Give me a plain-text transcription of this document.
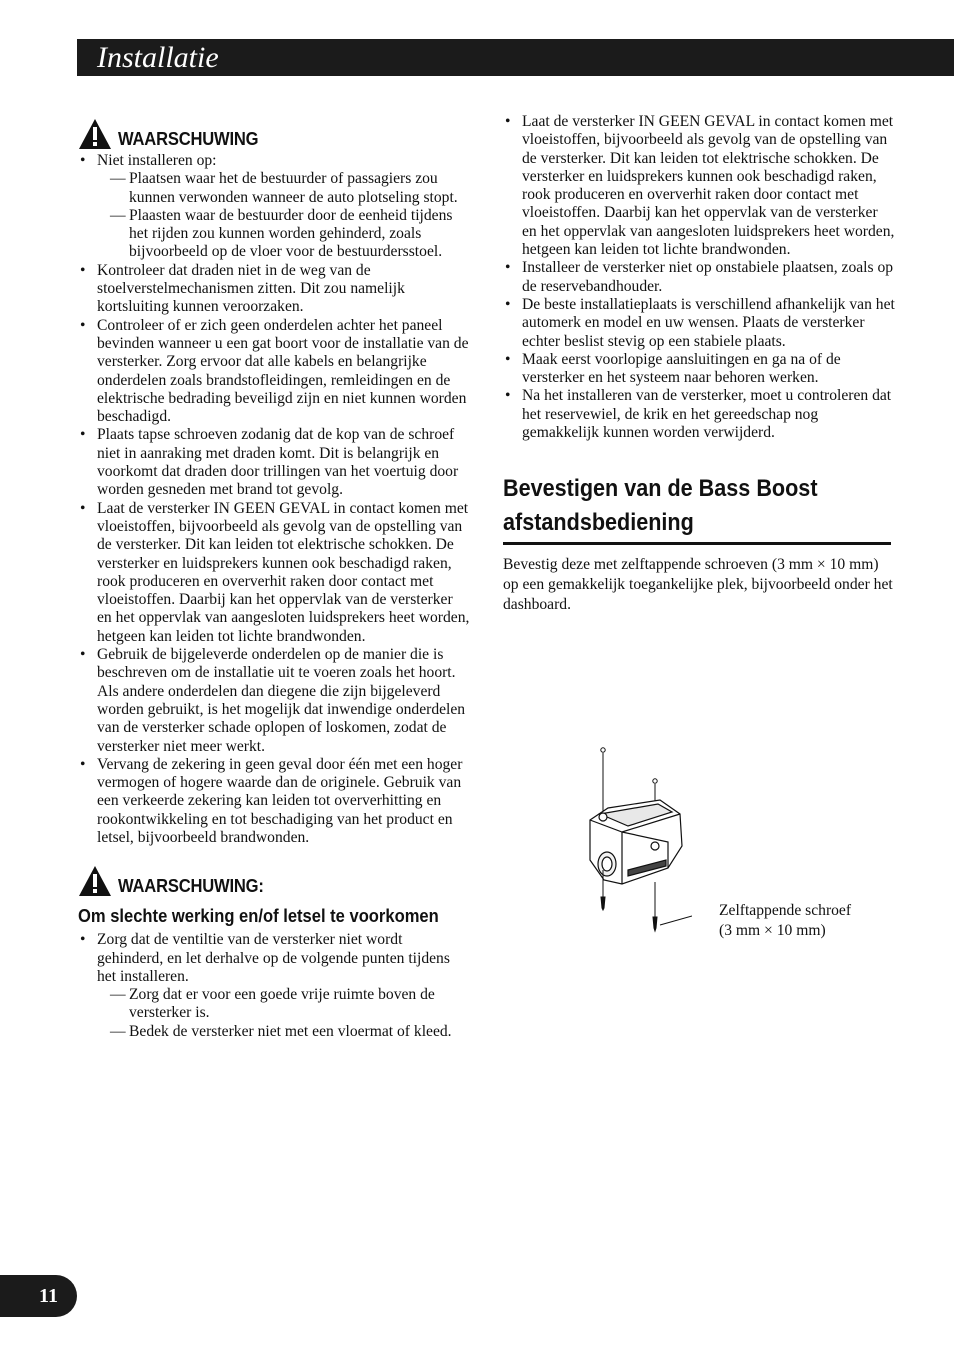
Installatie
WAARSCHUWING
• Niet installeren op:
— Plaatsen waar het de bestuurder of passagiers zou kunnen verwonden wanneer de auto plotseling stopt.
— Plaasten waar de bestuurder door de eenheid tijdens het rijden zou kunnen worden gehinderd, zoals bijvoorbeeld op de vloer voor de bestuurdersstoel.
• Kontroleer dat draden niet in de weg van de stoelverstelmechanismen zitten. Dit zou namelijk kortsluiting kunnen veroorzaken.
• Controleer of er zich geen onderdelen achter het paneel bevinden wanneer u een gat boort voor de installatie van de versterker. Zorg ervoor dat alle kabels en belangrijke onderdelen zoals brandstofleidingen, remleidingen en de elektrische bedrading beveiligd zijn en niet kunnen worden beschadigd.
• Plaats tapse schroeven zodanig dat de kop van de schroef niet in aanraking met draden komt. Dit is belangrijk en voorkomt dat draden door trillingen van het voertuig door worden gesneden met brand tot gevolg.
• Laat de versterker IN GEEN GEVAL in contact komen met vloeistoffen, bijvoorbeeld als gevolg van de opstelling van de versterker. Dit kan leiden tot elektrische schokken. De versterker en luidsprekers kunnen ook beschadigd raken, rook produceren en oververhit raken door contact met vloeistoffen. Daarbij kan het oppervlak van de versterker en het oppervlak van aangesloten luidsprekers heet worden, hetgeen kan leiden tot lichte brandwonden.
• Gebruik de bijgeleverde onderdelen op de manier die is beschreven om de installatie uit te voeren zoals het hoort. Als andere onderdelen dan diegene die zijn bijgeleverd worden gebruikt, is het mogelijk dat inwendige onderdelen van de versterker schade oplopen of loskomen, zodat de versterker niet meer werkt.
• Vervang de zekering in geen geval door één met een hoger vermogen of hogere waarde dan de originele. Gebruik van een verkeerde zekering kan leiden tot oververhitting en rookontwikkeling en tot beschadiging van het product en letsel, bijvoorbeeld brandwonden.
WAARSCHUWING:
Om slechte werking en/of letsel te voorkomen
• Zorg dat de ventiltie van de versterker niet wordt gehinderd, en let derhalve op de volgende punten tijdens het installeren.
— Zorg dat er voor een goede vrije ruimte boven de versterker is.
— Bedek de versterker niet met een vloermat of kleed.
• Laat de versterker IN GEEN GEVAL in contact komen met vloeistoffen, bijvoorbeeld als gevolg van de opstelling van de versterker. Dit kan leiden tot elektrische schokken. De versterker en luidsprekers kunnen ook beschadigd raken, rook produceren en oververhit raken door contact met vloeistoffen. Daarbij kan het oppervlak van de versterker en het oppervlak van aangesloten luidsprekers heet worden, hetgeen kan leiden tot lichte brandwonden.
• Installeer de versterker niet op onstabiele plaatsen, zoals op de reservebandhouder.
• De beste installatieplaats is verschillend afhankelijk van het automerk en model en uw wensen. Plaats de versterker echter beslist stevig op een stabiele plaats.
• Maak eerst voorlopige aansluitingen en ga na of de versterker en het systeem naar behoren werken.
• Na het installeren van de versterker, moet u controleren dat het reservewiel, de krik en het gereedschap nog gemakkelijk kunnen worden verwijderd.
Bevestigen van de Bass Boost
afstandsbediening
Bevestig deze met zelftappende schroeven (3 mm × 10 mm) op een gemakkelijk toegankelijke plek, bijvoorbeeld onder het dashboard.
Zelftappende schroef
(3 mm × 10 mm)
11
